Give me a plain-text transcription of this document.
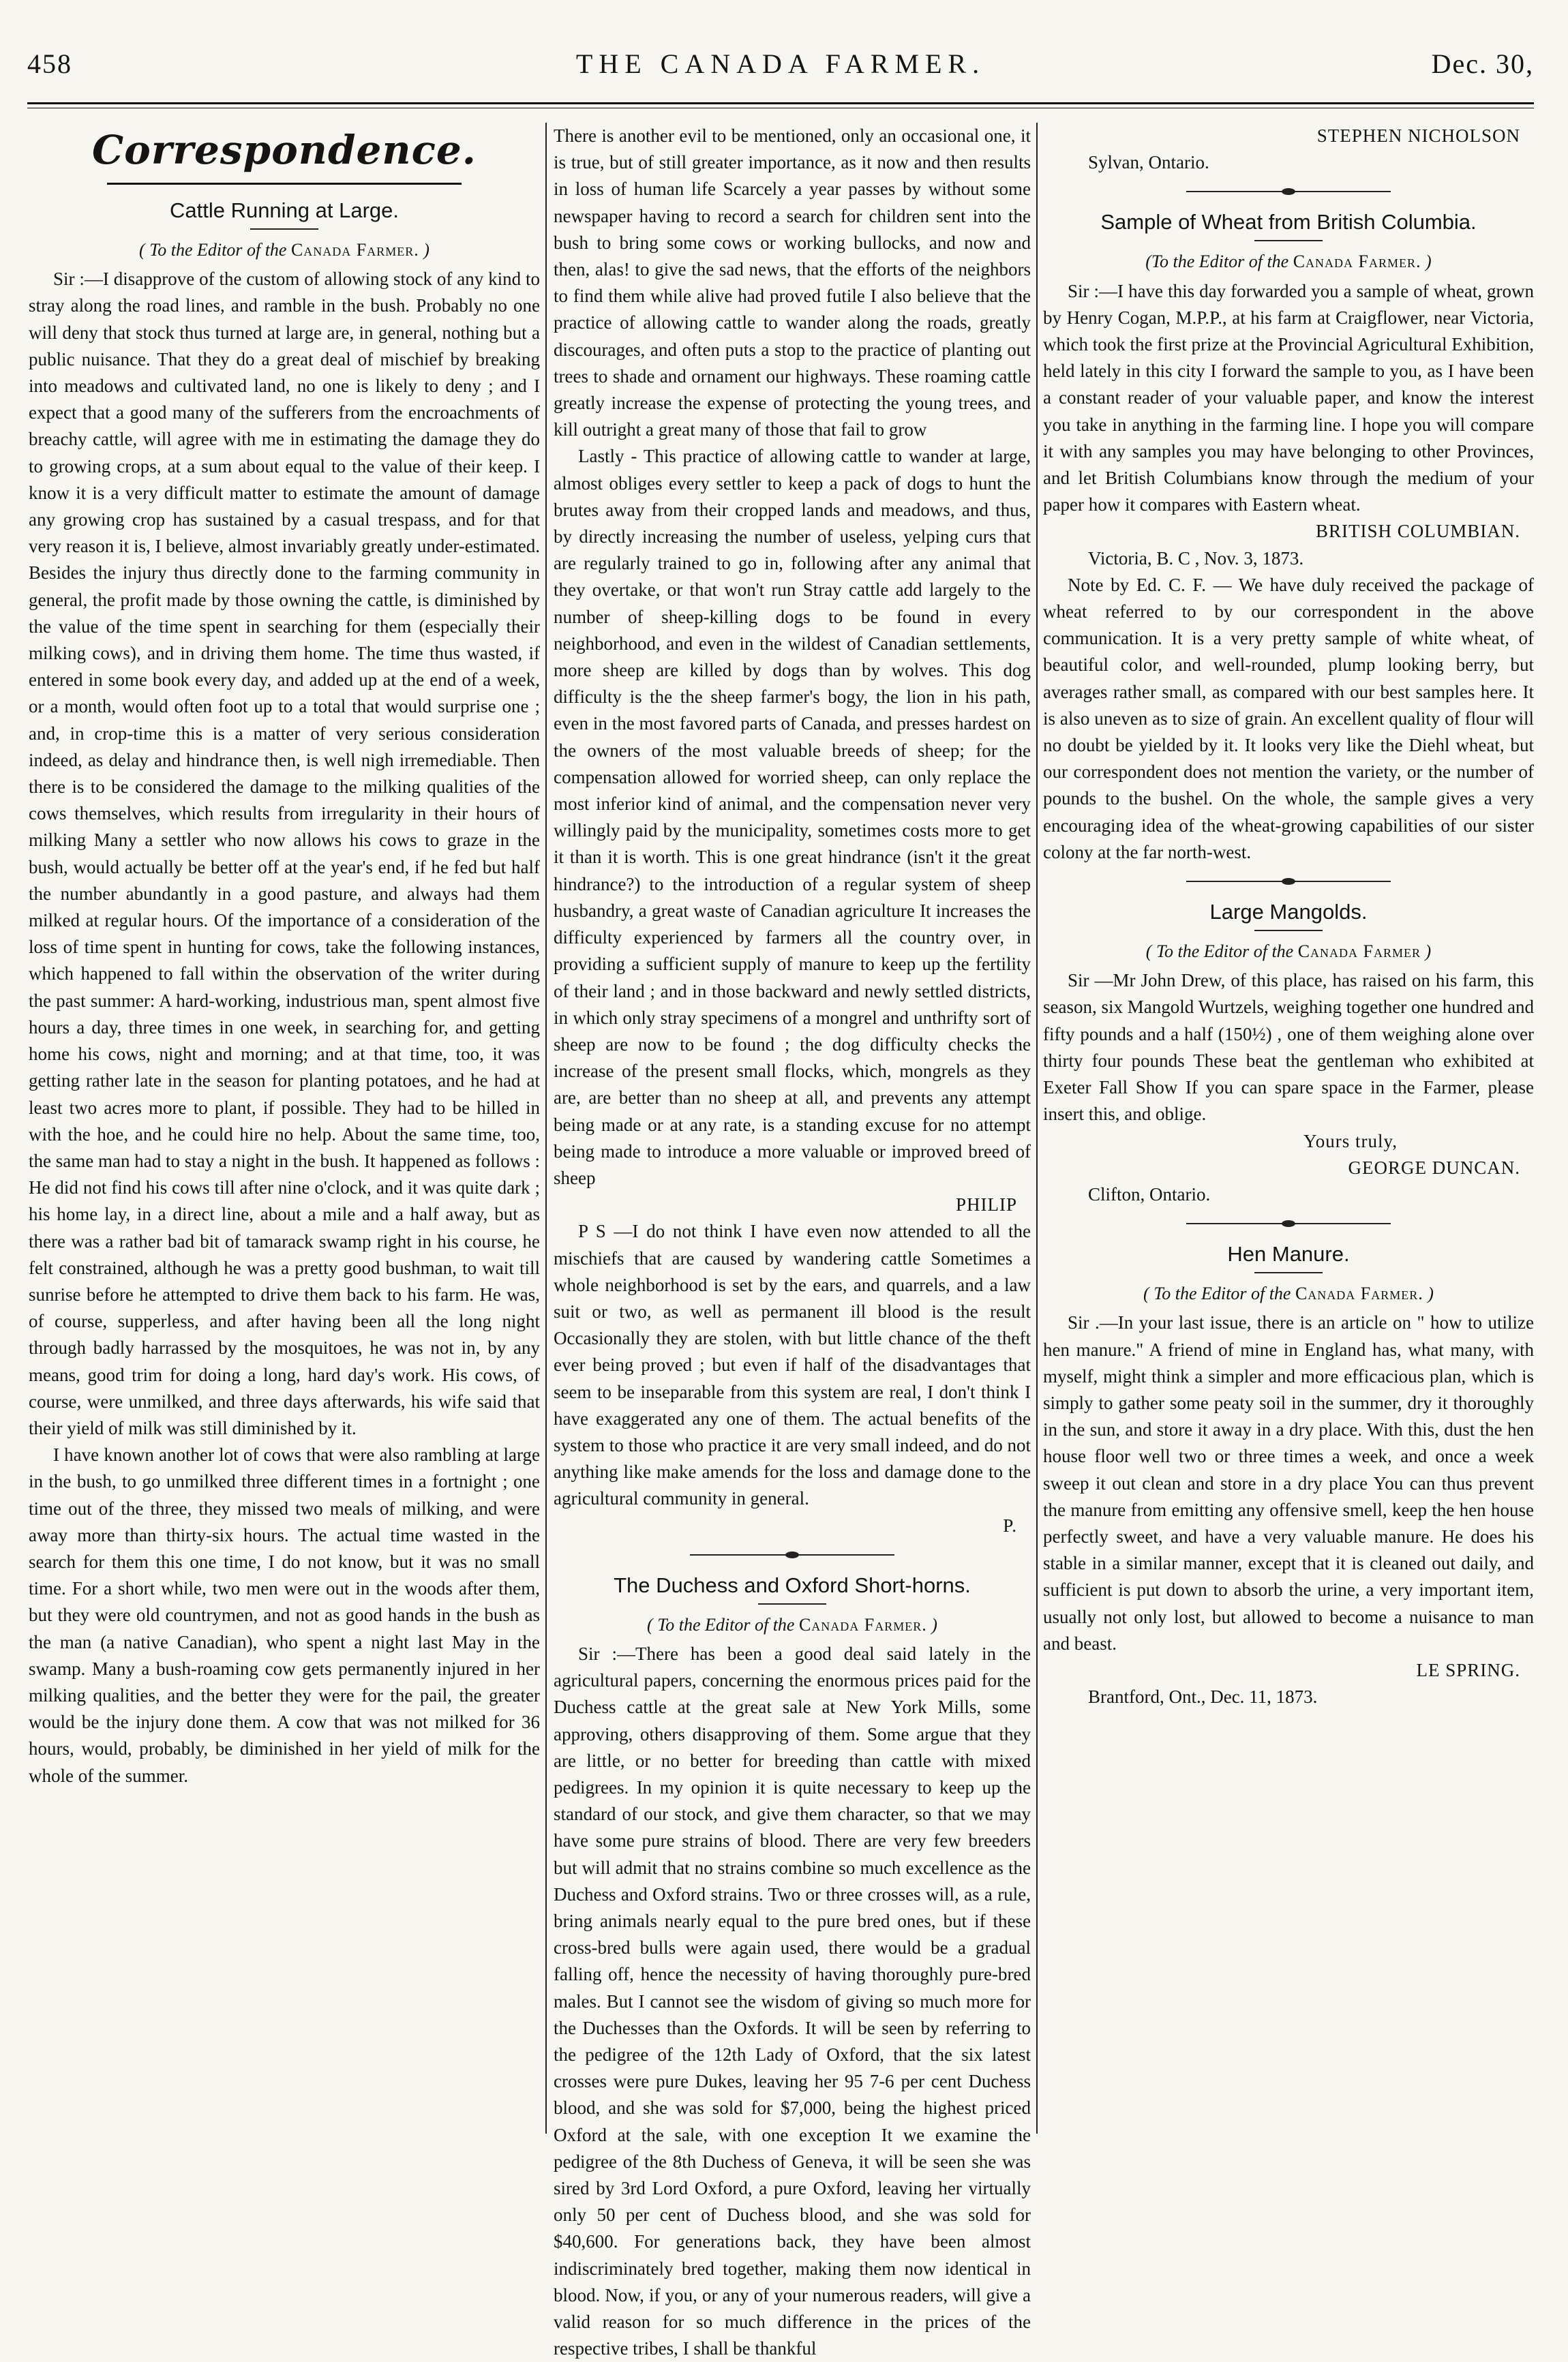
458	THE CANADA FARMER.	Dec. 30,
Correspondence.
Cattle Running at Large.
( To the Editor of the Canada Farmer. )

Sir :—I disapprove of the custom of allowing stock of any kind to stray along the road lines, and ramble in the bush. Probably no one will deny that stock thus turned at large are, in general, nothing but a public nuisance. That they do a great deal of mischief by breaking into meadows and cultivated land, no one is likely to deny ; and I expect that a good many of the sufferers from the encroachments of breachy cattle, will agree with me in estimating the damage they do to growing crops, at a sum about equal to the value of their keep. I know it is a very difficult matter to estimate the amount of damage any growing crop has sustained by a casual trespass, and for that very reason it is, I believe, almost invariably greatly under-estimated. Besides the injury thus directly done to the farming community in general, the profit made by those owning the cattle, is diminished by the value of the time spent in searching for them (especially their milking cows), and in driving them home. The time thus wasted, if entered in some book every day, and added up at the end of a week, or a month, would often foot up to a total that would surprise one ; and, in crop-time this is a matter of very serious consideration indeed, as delay and hindrance then, is well nigh irremediable. Then there is to be considered the damage to the milking qualities of the cows themselves, which results from irregularity in their hours of milking Many a settler who now allows his cows to graze in the bush, would actually be better off at the year's end, if he fed but half the number abundantly in a good pasture, and always had them milked at regular hours. Of the importance of a consideration of the loss of time spent in hunting for cows, take the following instances, which happened to fall within the observation of the writer during the past summer: A hard-working, industrious man, spent almost five hours a day, three times in one week, in searching for, and getting home his cows, night and morning; and at that time, too, it was getting rather late in the season for planting potatoes, and he had at least two acres more to plant, if possible. They had to be hilled in with the hoe, and he could hire no help. About the same time, too, the same man had to stay a night in the bush. It happened as follows : He did not find his cows till after nine o'clock, and it was quite dark ; his home lay, in a direct line, about a mile and a half away, but as there was a rather bad bit of tamarack swamp right in his course, he felt constrained, although he was a pretty good bushman, to wait till sunrise before he attempted to drive them back to his farm. He was, of course, supperless, and after having been all the long night through badly harrassed by the mosquitoes, he was not in, by any means, good trim for doing a long, hard day's work. His cows, of course, were unmilked, and three days afterwards, his wife said that their yield of milk was still diminished by it.

I have known another lot of cows that were also rambling at large in the bush, to go unmilked three different times in a fortnight ; one time out of the three, they missed two meals of milking, and were away more than thirty-six hours. The actual time wasted in the search for them this one time, I do not know, but it was no small time. For a short while, two men were out in the woods after them, but they were old countrymen, and not as good hands in the bush as the man (a native Canadian), who spent a night last May in the swamp. Many a bush-roaming cow gets permanently injured in her milking qualities, and the better they were for the pail, the greater would be the injury done them. A cow that was not milked for 36 hours, would, probably, be diminished in her yield of milk for the whole of the summer.

There is another evil to be mentioned, only an occasional one, it is true, but of still greater importance, as it now and then results in loss of human life Scarcely a year passes by without some newspaper having to record a search for children sent into the bush to bring some cows or working bullocks, and now and then, alas! to give the sad news, that the efforts of the neighbors to find them while alive had proved futile I also believe that the practice of allowing cattle to wander along the roads, greatly discourages, and often puts a stop to the practice of planting out trees to shade and ornament our highways. These roaming cattle greatly increase the expense of protecting the young trees, and kill outright a great many of those that fail to grow

Lastly - This practice of allowing cattle to wander at large, almost obliges every settler to keep a pack of dogs to hunt the brutes away from their cropped lands and meadows, and thus, by directly increasing the number of useless, yelping curs that are regularly trained to go in, following after any animal that they overtake, or that won't run Stray cattle add largely to the number of sheep-killing dogs to be found in every neighborhood, and even in the wildest of Canadian settlements, more sheep are killed by dogs than by wolves. This dog difficulty is the the sheep farmer's bogy, the lion in his path, even in the most favored parts of Canada, and presses hardest on the owners of the most valuable breeds of sheep; for the compensation allowed for worried sheep, can only replace the most inferior kind of animal, and the compensation never very willingly paid by the municipality, sometimes costs more to get it than it is worth. This is one great hindrance (isn't it the great hindrance?) to the introduction of a regular system of sheep husbandry, a great waste of Canadian agriculture It increases the difficulty experienced by farmers all the country over, in providing a sufficient supply of manure to keep up the fertility of their land ; and in those backward and newly settled districts, in which only stray specimens of a mongrel and unthrifty sort of sheep are now to be found ; the dog difficulty checks the increase of the present small flocks, which, mongrels as they are, are better than no sheep at all, and prevents any attempt being made or at any rate, is a standing excuse for no attempt being made to introduce a more valuable or improved breed of sheep

PHILIP

P S —I do not think I have even now attended to all the mischiefs that are caused by wandering cattle Sometimes a whole neighborhood is set by the ears, and quarrels, and a law suit or two, as well as permanent ill blood is the result Occasionally they are stolen, with but little chance of the theft ever being proved ; but even if half of the disadvantages that seem to be inseparable from this system are real, I don't think I have exaggerated any one of them. The actual benefits of the system to those who practice it are very small indeed, and do not anything like make amends for the loss and damage done to the agricultural community in general.

P.

The Duchess and Oxford Short-horns.
( To the Editor of the Canada Farmer. )

Sir :—There has been a good deal said lately in the agricultural papers, concerning the enormous prices paid for the Duchess cattle at the great sale at New York Mills, some approving, others disapproving of them. Some argue that they are little, or no better for breeding than cattle with mixed pedigrees. In my opinion it is quite necessary to keep up the standard of our stock, and give them character, so that we may have some pure strains of blood. There are very few breeders but will admit that no strains combine so much excellence as the Duchess and Oxford strains. Two or three crosses will, as a rule, bring animals nearly equal to the pure bred ones, but if these cross-bred bulls were again used, there would be a gradual falling off, hence the necessity of having thoroughly pure-bred males. But I cannot see the wisdom of giving so much more for the Duchesses than the Oxfords. It will be seen by referring to the pedigree of the 12th Lady of Oxford, that the six latest crosses were pure Dukes, leaving her 95 7-6 per cent Duchess blood, and she was sold for $7,000, being the highest priced Oxford at the sale, with one exception It we examine the pedigree of the 8th Duchess of Geneva, it will be seen she was sired by 3rd Lord Oxford, a pure Oxford, leaving her virtually only 50 per cent of Duchess blood, and she was sold for $40,600. For generations back, they have been almost indiscriminately bred together, making them now identical in blood. Now, if you, or any of your numerous readers, will give a valid reason for so much difference in the prices of the respective tribes, I shall be thankful

STEPHEN NICHOLSON

Sylvan, Ontario.

Sample of Wheat from British Columbia.
(To the Editor of the Canada Farmer. )

Sir :—I have this day forwarded you a sample of wheat, grown by Henry Cogan, M.P.P., at his farm at Craigflower, near Victoria, which took the first prize at the Provincial Agricultural Exhibition, held lately in this city I forward the sample to you, as I have been a constant reader of your valuable paper, and know the interest you take in anything in the farming line. I hope you will compare it with any samples you may have belonging to other Provinces, and let British Columbians know through the medium of your paper how it compares with Eastern wheat.

BRITISH COLUMBIAN.

Victoria, B. C , Nov. 3, 1873.

Note by Ed. C. F. — We have duly received the package of wheat referred to by our correspondent in the above communication. It is a very pretty sample of white wheat, of beautiful color, and well-rounded, plump looking berry, but averages rather small, as compared with our best samples here. It is also uneven as to size of grain. An excellent quality of flour will no doubt be yielded by it. It looks very like the Diehl wheat, but our correspondent does not mention the variety, or the number of pounds to the bushel. On the whole, the sample gives a very encouraging idea of the wheat-growing capabilities of our sister colony at the far north-west.

Large Mangolds.
( To the Editor of the Canada Farmer )

Sir —Mr John Drew, of this place, has raised on his farm, this season, six Mangold Wurtzels, weighing together one hundred and fifty pounds and a half (150½) , one of them weighing alone over thirty four pounds These beat the gentleman who exhibited at Exeter Fall Show If you can spare space in the Farmer, please insert this, and oblige.

Yours truly,

GEORGE DUNCAN.

Clifton, Ontario.

Hen Manure.
( To the Editor of the Canada Farmer. )

Sir .—In your last issue, there is an article on " how to utilize hen manure." A friend of mine in England has, what many, with myself, might think a simpler and more efficacious plan, which is simply to gather some peaty soil in the summer, dry it thoroughly in the sun, and store it away in a dry place. With this, dust the hen house floor well two or three times a week, and once a week sweep it out clean and store in a dry place You can thus prevent the manure from emitting any offensive smell, keep the hen house perfectly sweet, and have a very valuable manure. He does his stable in a similar manner, except that it is cleaned out daily, and sufficient is put down to absorb the urine, a very important item, usually not only lost, but allowed to become a nuisance to man and beast.

LE SPRING.

Brantford, Ont., Dec. 11, 1873.
